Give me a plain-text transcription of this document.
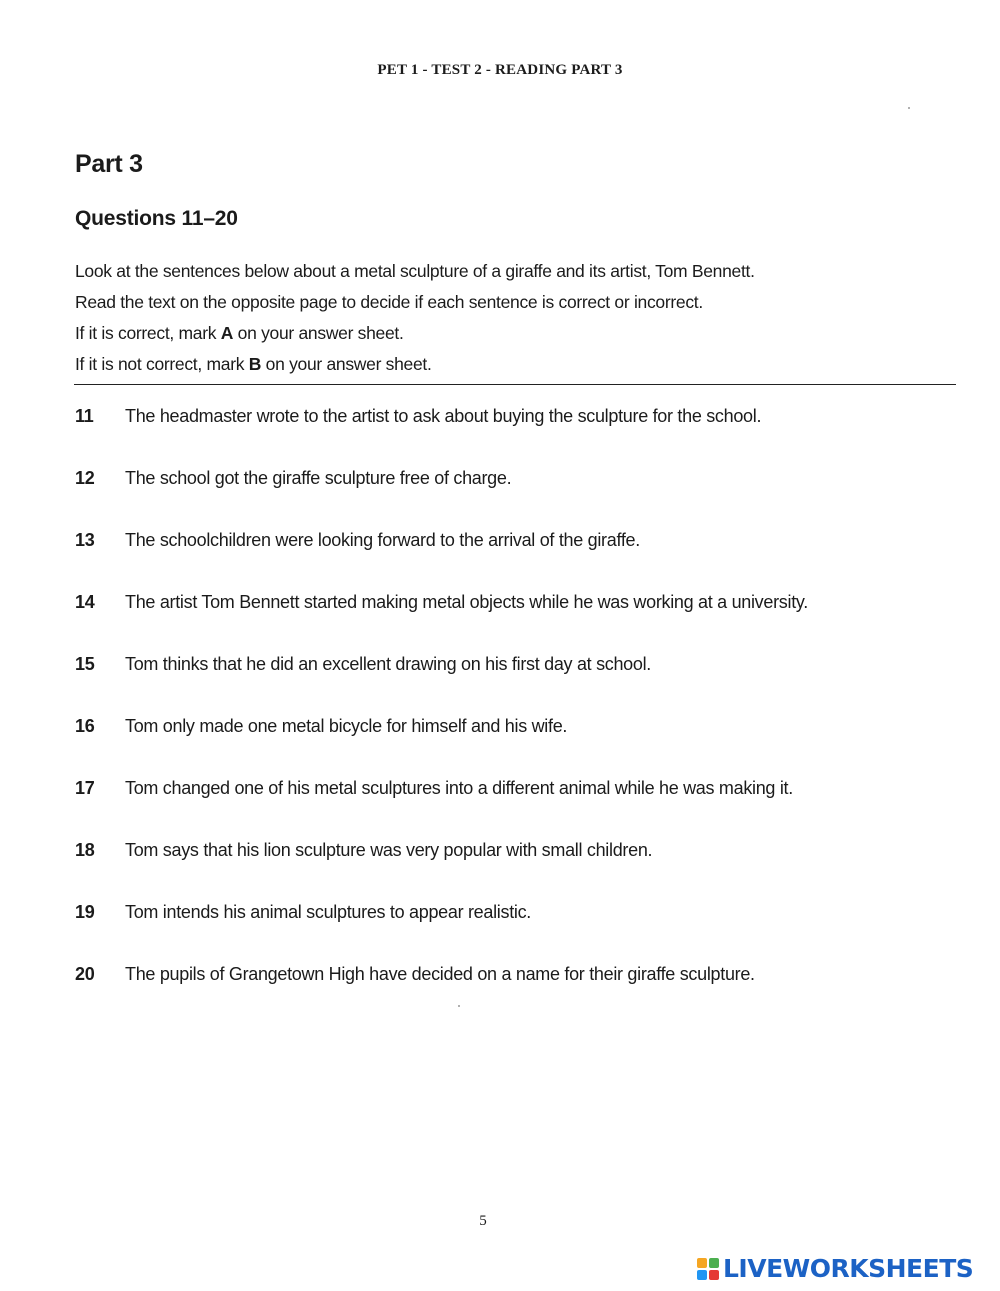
PET 1 - TEST 2 - READING PART 3
Part 3
Questions 11–20
Look at the sentences below about a metal sculpture of a giraffe and its artist, Tom Bennett.
Read the text on the opposite page to decide if each sentence is correct or incorrect.
If it is correct, mark A on your answer sheet.
If it is not correct, mark B on your answer sheet.
11	The headmaster wrote to the artist to ask about buying the sculpture for the school.
12	The school got the giraffe sculpture free of charge.
13	The schoolchildren were looking forward to the arrival of the giraffe.
14	The artist Tom Bennett started making metal objects while he was working at a university.
15	Tom thinks that he did an excellent drawing on his first day at school.
16	Tom only made one metal bicycle for himself and his wife.
17	Tom changed one of his metal sculptures into a different animal while he was making it.
18	Tom says that his lion sculpture was very popular with small children.
19	Tom intends his animal sculptures to appear realistic.
20	The pupils of Grangetown High have decided on a name for their giraffe sculpture.
5
LIVEWORKSHEETS
